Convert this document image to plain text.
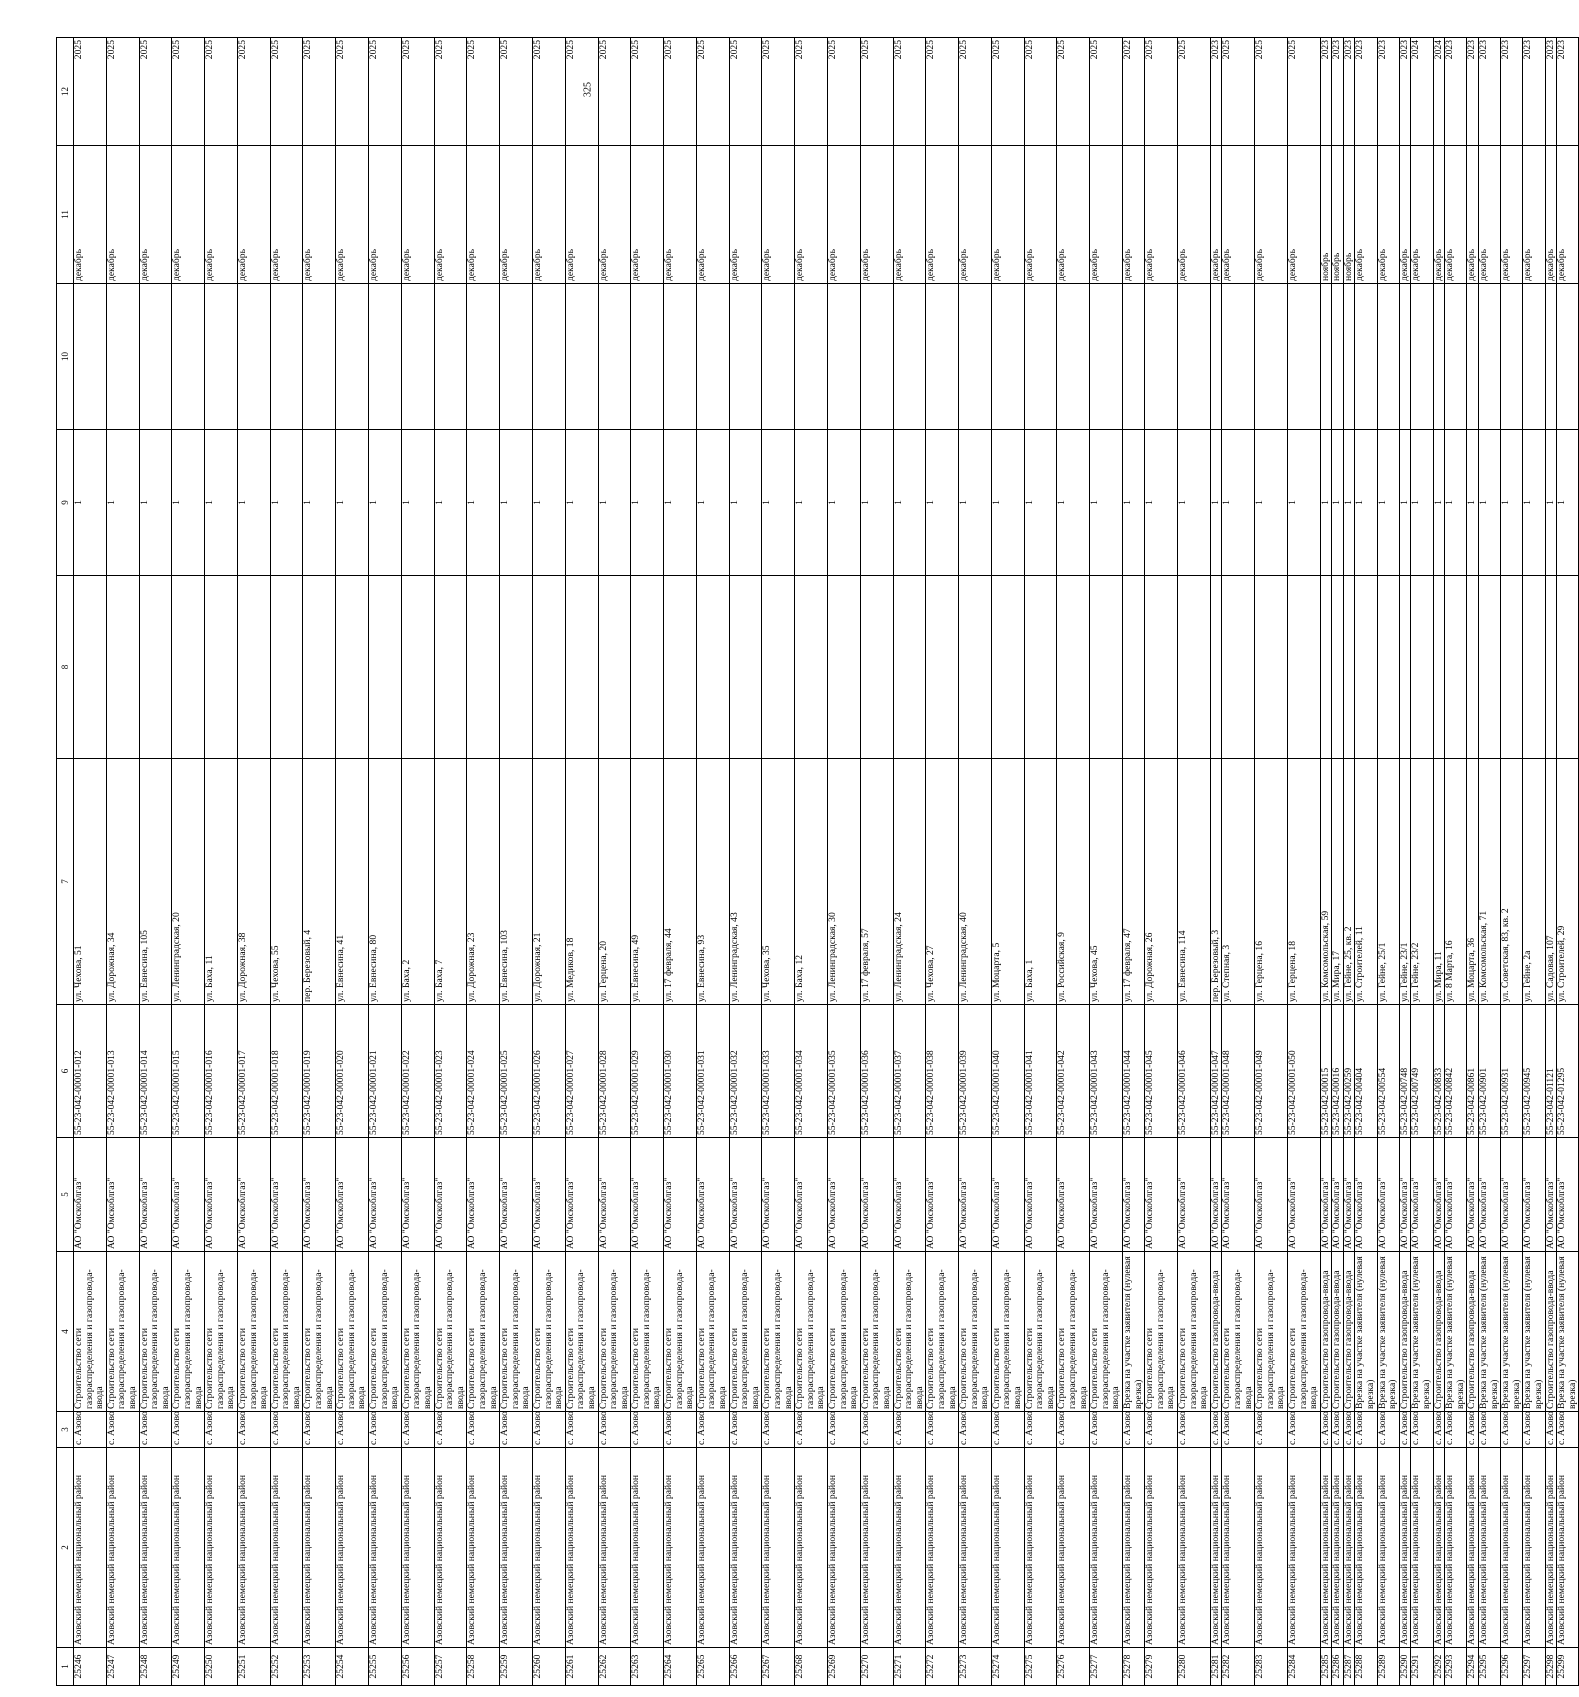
325
1	2	3	4	5	6	7	8	9	10	11	12
25246	Азовский немецкий национальный район	с. Азово	Строительство сети газораспределения и газопровода-ввода	АО "Омскоблгаз"	55-23-042-00001-012	ул. Чехова, 51		1		декабрь	2025
25247	Азовский немецкий национальный район	с. Азово	Строительство сети газораспределения и газопровода-ввода	АО "Омскоблгаз"	55-23-042-00001-013	ул. Дорожная, 34		1		декабрь	2025
25248	Азовский немецкий национальный район	с. Азово	Строительство сети газораспределения и газопровода-ввода	АО "Омскоблгаз"	55-23-042-00001-014	ул. Евнесина, 105		1		декабрь	2025
25249	Азовский немецкий национальный район	с. Азово	Строительство сети газораспределения и газопровода-ввода	АО "Омскоблгаз"	55-23-042-00001-015	ул. Ленинградская, 20		1		декабрь	2025
25250	Азовский немецкий национальный район	с. Азово	Строительство сети газораспределения и газопровода-ввода	АО "Омскоблгаз"	55-23-042-00001-016	ул. Баха, 11		1		декабрь	2025
25251	Азовский немецкий национальный район	с. Азово	Строительство сети газораспределения и газопровода-ввода	АО "Омскоблгаз"	55-23-042-00001-017	ул. Дорожная, 38		1		декабрь	2025
25252	Азовский немецкий национальный район	с. Азово	Строительство сети газораспределения и газопровода-ввода	АО "Омскоблгаз"	55-23-042-00001-018	ул. Чехова, 55		1		декабрь	2025
25253	Азовский немецкий национальный район	с. Азово	Строительство сети газораспределения и газопровода-ввода	АО "Омскоблгаз"	55-23-042-00001-019	пер. Березовый, 4		1		декабрь	2025
25254	Азовский немецкий национальный район	с. Азово	Строительство сети газораспределения и газопровода-ввода	АО "Омскоблгаз"	55-23-042-00001-020	ул. Евнесина, 41		1		декабрь	2025
25255	Азовский немецкий национальный район	с. Азово	Строительство сети газораспределения и газопровода-ввода	АО "Омскоблгаз"	55-23-042-00001-021	ул. Евнесина, 80		1		декабрь	2025
25256	Азовский немецкий национальный район	с. Азово	Строительство сети газораспределения и газопровода-ввода	АО "Омскоблгаз"	55-23-042-00001-022	ул. Баха, 2		1		декабрь	2025
25257	Азовский немецкий национальный район	с. Азово	Строительство сети газораспределения и газопровода-ввода	АО "Омскоблгаз"	55-23-042-00001-023	ул. Баха, 7		1		декабрь	2025
25258	Азовский немецкий национальный район	с. Азово	Строительство сети газораспределения и газопровода-ввода	АО "Омскоблгаз"	55-23-042-00001-024	ул. Дорожная, 23		1		декабрь	2025
25259	Азовский немецкий национальный район	с. Азово	Строительство сети газораспределения и газопровода-ввода	АО "Омскоблгаз"	55-23-042-00001-025	ул. Евнесина, 103		1		декабрь	2025
25260	Азовский немецкий национальный район	с. Азово	Строительство сети газораспределения и газопровода-ввода	АО "Омскоблгаз"	55-23-042-00001-026	ул. Дорожная, 21		1		декабрь	2025
25261	Азовский немецкий национальный район	с. Азово	Строительство сети газораспределения и газопровода-ввода	АО "Омскоблгаз"	55-23-042-00001-027	ул. Медиков, 18		1		декабрь	2025
25262	Азовский немецкий национальный район	с. Азово	Строительство сети газораспределения и газопровода-ввода	АО "Омскоблгаз"	55-23-042-00001-028	ул. Герцена, 20		1		декабрь	2025
25263	Азовский немецкий национальный район	с. Азово	Строительство сети газораспределения и газопровода-ввода	АО "Омскоблгаз"	55-23-042-00001-029	ул. Евнесина, 49		1		декабрь	2025
25264	Азовский немецкий национальный район	с. Азово	Строительство сети газораспределения и газопровода-ввода	АО "Омскоблгаз"	55-23-042-00001-030	ул. 17 февраля, 44		1		декабрь	2025
25265	Азовский немецкий национальный район	с. Азово	Строительство сети газораспределения и газопровода-ввода	АО "Омскоблгаз"	55-23-042-00001-031	ул. Евнесина, 93		1		декабрь	2025
25266	Азовский немецкий национальный район	с. Азово	Строительство сети газораспределения и газопровода-ввода	АО "Омскоблгаз"	55-23-042-00001-032	ул. Ленинградская, 43		1		декабрь	2025
25267	Азовский немецкий национальный район	с. Азово	Строительство сети газораспределения и газопровода-ввода	АО "Омскоблгаз"	55-23-042-00001-033	ул. Чехова, 35		1		декабрь	2025
25268	Азовский немецкий национальный район	с. Азово	Строительство сети газораспределения и газопровода-ввода	АО "Омскоблгаз"	55-23-042-00001-034	ул. Баха, 12		1		декабрь	2025
25269	Азовский немецкий национальный район	с. Азово	Строительство сети газораспределения и газопровода-ввода	АО "Омскоблгаз"	55-23-042-00001-035	ул. Ленинградская, 30		1		декабрь	2025
25270	Азовский немецкий национальный район	с. Азово	Строительство сети газораспределения и газопровода-ввода	АО "Омскоблгаз"	55-23-042-00001-036	ул. 17 февраля, 57		1		декабрь	2025
25271	Азовский немецкий национальный район	с. Азово	Строительство сети газораспределения и газопровода-ввода	АО "Омскоблгаз"	55-23-042-00001-037	ул. Ленинградская, 24		1		декабрь	2025
25272	Азовский немецкий национальный район	с. Азово	Строительство сети газораспределения и газопровода-ввода	АО "Омскоблгаз"	55-23-042-00001-038	ул. Чехова, 27		1		декабрь	2025
25273	Азовский немецкий национальный район	с. Азово	Строительство сети газораспределения и газопровода-ввода	АО "Омскоблгаз"	55-23-042-00001-039	ул. Ленинградская, 40		1		декабрь	2025
25274	Азовский немецкий национальный район	с. Азово	Строительство сети газораспределения и газопровода-ввода	АО "Омскоблгаз"	55-23-042-00001-040	ул. Моцарта, 5		1		декабрь	2025
25275	Азовский немецкий национальный район	с. Азово	Строительство сети газораспределения и газопровода-ввода	АО "Омскоблгаз"	55-23-042-00001-041	ул. Баха, 1		1		декабрь	2025
25276	Азовский немецкий национальный район	с. Азово	Строительство сети газораспределения и газопровода-ввода	АО "Омскоблгаз"	55-23-042-00001-042	ул. Российская, 9		1		декабрь	2025
25277	Азовский немецкий национальный район	с. Азово	Строительство сети газораспределения и газопровода-ввода	АО "Омскоблгаз"	55-23-042-00001-043	ул. Чехова, 45		1		декабрь	2025
25278	Азовский немецкий национальный район	с. Азово	Врезка на участке заявителя (нулевая врезка)	АО "Омскоблгаз"	55-23-042-00001-044	ул. 17 февраля, 47		1		декабрь	2022
25279	Азовский немецкий национальный район	с. Азово	Строительство сети газораспределения и газопровода-ввода	АО "Омскоблгаз"	55-23-042-00001-045	ул. Дорожная, 26		1		декабрь	2025
25280	Азовский немецкий национальный район	с. Азово	Строительство сети газораспределения и газопровода-ввода	АО "Омскоблгаз"	55-23-042-00001-046	ул. Евнесина, 114		1		декабрь	2025
25281	Азовский немецкий национальный район	с. Азово	Строительство газопровода-ввода	АО "Омскоблгаз"	55-23-042-00001-047	пер. Березовый, 3		1		декабрь	2023
25282	Азовский немецкий национальный район	с. Азово	Строительство сети газораспределения и газопровода-ввода	АО "Омскоблгаз"	55-23-042-00001-048	ул. Степная, 3		1		декабрь	2025
25283	Азовский немецкий национальный район	с. Азово	Строительство сети газораспределения и газопровода-ввода	АО "Омскоблгаз"	55-23-042-00001-049	ул. Герцена, 16		1		декабрь	2025
25284	Азовский немецкий национальный район	с. Азово	Строительство сети газораспределения и газопровода-ввода	АО "Омскоблгаз"	55-23-042-00001-050	ул. Герцена, 18		1		декабрь	2025
25285	Азовский немецкий национальный район	с. Азово	Строительство газопровода-ввода	АО "Омскоблгаз"	55-23-042-00015	ул. Комсомольская, 59		1		ноябрь	2023
25286	Азовский немецкий национальный район	с. Азово	Строительство газопровода-ввода	АО "Омскоблгаз"	55-23-042-00016	ул. Мира, 17		1		ноябрь	2023
25287	Азовский немецкий национальный район	с. Азово	Строительство газопровода-ввода	АО "Омскоблгаз"	55-23-042-00259	ул. Гейне, 25, кв. 2		1		ноябрь	2023
25288	Азовский немецкий национальный район	с. Азово	Врезка на участке заявителя (нулевая врезка)	АО "Омскоблгаз"	55-23-042-00404	ул. Строителей, 11		1		декабрь	2023
25289	Азовский немецкий национальный район	с. Азово	Врезка на участке заявителя (нулевая врезка)	АО "Омскоблгаз"	55-23-042-00554	ул. Гейне, 25/1		1		декабрь	2023
25290	Азовский немецкий национальный район	с. Азово	Строительство газопровода-ввода	АО "Омскоблгаз"	55-23-042-00748	ул. Гейне, 23/1		1		декабрь	2023
25291	Азовский немецкий национальный район	с. Азово	Врезка на участке заявителя (нулевая врезка)	АО "Омскоблгаз"	55-23-042-00749	ул. Гейне, 23/2		1		декабрь	2024
25292	Азовский немецкий национальный район	с. Азово	Строительство газопровода-ввода	АО "Омскоблгаз"	55-23-042-00833	ул. Мира, 11		1		декабрь	2024
25293	Азовский немецкий национальный район	с. Азово	Врезка на участке заявителя (нулевая врезка)	АО "Омскоблгаз"	55-23-042-00842	ул. 8 Марта, 16		1		декабрь	2023
25294	Азовский немецкий национальный район	с. Азово	Строительство газопровода-ввода	АО "Омскоблгаз"	55-23-042-00861	ул. Моцарта, 36		1		декабрь	2023
25295	Азовский немецкий национальный район	с. Азово	Врезка на участке заявителя (нулевая врезка)	АО "Омскоблгаз"	55-23-042-00901	ул. Комсомольская, 71		1		декабрь	2023
25296	Азовский немецкий национальный район	с. Азово	Врезка на участке заявителя (нулевая врезка)	АО "Омскоблгаз"	55-23-042-00931	ул. Советская, 83, кв. 2		1		декабрь	2023
25297	Азовский немецкий национальный район	с. Азово	Врезка на участке заявителя (нулевая врезка)	АО "Омскоблгаз"	55-23-042-00945	ул. Гейне, 2а		1		декабрь	2023
25298	Азовский немецкий национальный район	с. Азово	Строительство газопровода-ввода	АО "Омскоблгаз"	55-23-042-01121	ул. Садовая, 107		1		декабрь	2023
25299	Азовский немецкий национальный район	с. Азово	Врезка на участке заявителя (нулевая врезка)	АО "Омскоблгаз"	55-23-042-01295	ул. Строителей, 29		1		декабрь	2023
